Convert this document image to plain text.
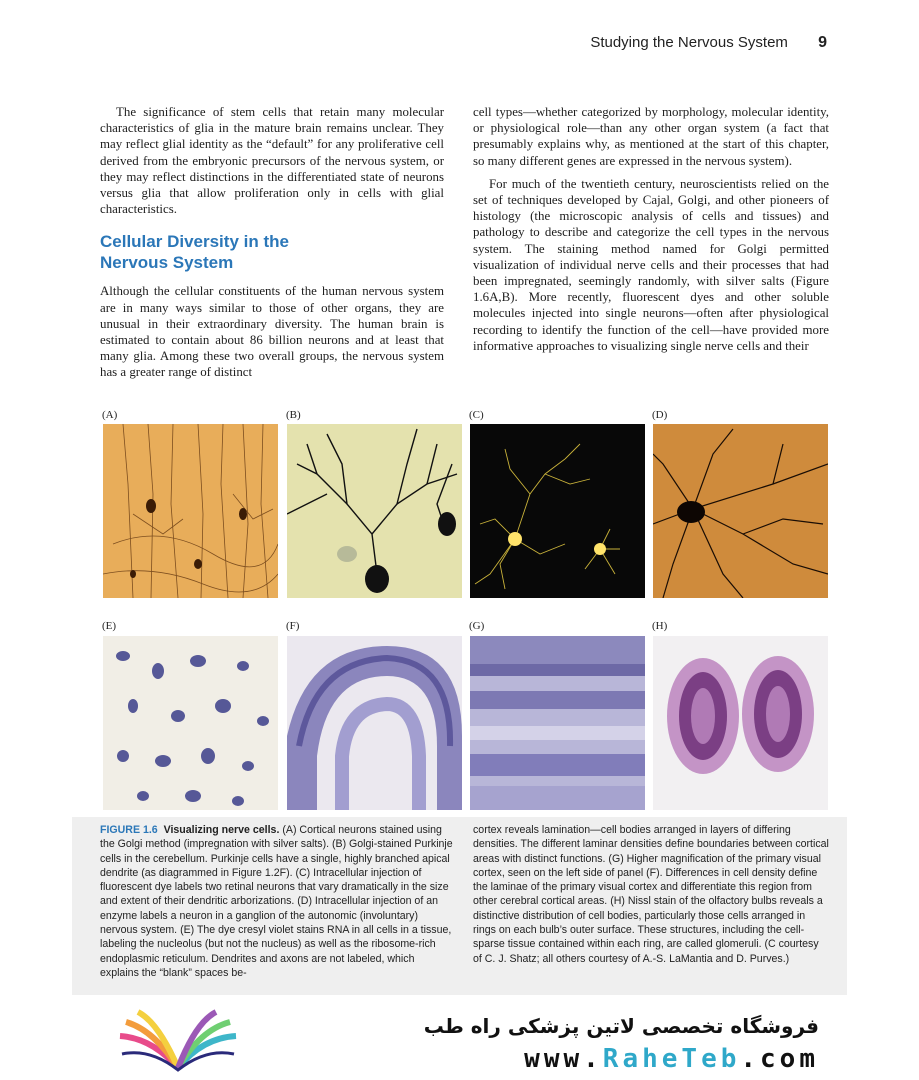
Studying the Nervous System 9

The significance of stem cells that retain many molecular characteristics of glia in the mature brain remains unclear. They may reflect glial identity as the “default” for any proliferative cell derived from the embryonic precursors of the nervous system, or they may reflect distinctions in the differentiated state of neurons versus glia that allow proliferation only in cells with glial characteristics.

Cellular Diversity in the
Nervous System

Although the cellular constituents of the human nervous system are in many ways similar to those of other organs, they are unusual in their extraordinary diversity. The human brain is estimated to contain about 86 billion neurons and at least that many glia. Among these two overall groups, the nervous system has a greater range of distinct

cell types—whether categorized by morphology, molecular identity, or physiological role—than any other organ system (a fact that presumably explains why, as mentioned at the start of this chapter, so many different genes are expressed in the nervous system).

For much of the twentieth century, neuroscientists relied on the set of techniques developed by Cajal, Golgi, and other pioneers of histology (the microscopic analysis of cells and tissues) and pathology to describe and categorize the cell types in the nervous system. The staining method named for Golgi permitted visualization of individual nerve cells and their processes that had been impregnated, seemingly randomly, with silver salts (Figure 1.6A,B). More recently, fluorescent dyes and other soluble molecules injected into single neurons—often after physiological recording to identify the function of the cell—have provided more informative approaches to visualizing single nerve cells and their

(A)	(B)	(C)	(D)
(E)	(F)	(G)	(H)
FIGURE 1.6 Visualizing nerve cells. (A) Cortical neurons stained using the Golgi method (impregnation with silver salts). (B) Golgi-stained Purkinje cells in the cerebellum. Purkinje cells have a single, highly branched apical dendrite (as diagrammed in Figure 1.2F). (C) Intracellular injection of fluorescent dye labels two retinal neurons that vary dramatically in the size and extent of their dendritic arborizations. (D) Intracellular injection of an enzyme labels a neuron in a ganglion of the autonomic (involuntary) nervous system. (E) The dye cresyl violet stains RNA in all cells in a tissue, labeling the nucleolus (but not the nucleus) as well as the ribosome-rich endoplasmic reticulum. Dendrites and axons are not labeled, which explains the “blank” spaces be-
cortex reveals lamination—cell bodies arranged in layers of differing densities. The different laminar densities define boundaries between cortical areas with distinct functions. (G) Higher magnification of the primary visual cortex, seen on the left side of panel (F). Differences in cell density define the laminae of the primary visual cortex and differentiate this region from other cerebral cortical areas. (H) Nissl stain of the olfactory bulbs reveals a distinctive distribution of cell bodies, particularly those cells arranged in rings on each bulb’s outer surface. These structures, including the cell-sparse tissue contained within each ring, are called glomeruli. (C courtesy of C. J. Shatz; all others courtesy of A.-S. LaMantia and D. Purves.)
فروشگاه تخصصی لاتین پزشکی راه طب
www.RaheTeb.com
